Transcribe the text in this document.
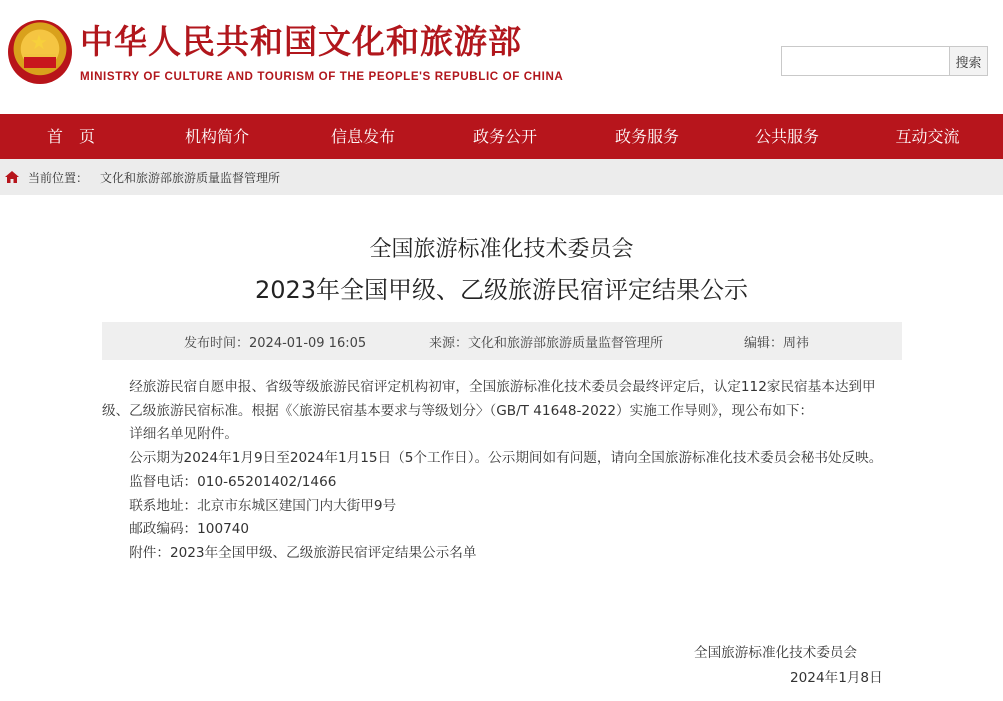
★ 中华人民共和国文化和旅游部
MINISTRY OF CULTURE AND TOURISM OF THE PEOPLE'S REPUBLIC OF CHINA
搜索
首　页	机构简介	信息发布	政务公开	政务服务	公共服务	互动交流
当前位置： 文化和旅游部旅游质量监督管理所
全国旅游标准化技术委员会
2023年全国甲级、乙级旅游民宿评定结果公示
发布时间：2024-01-09 16:05	来源：文化和旅游部旅游质量监督管理所	编辑：周祎

经旅游民宿自愿申报、省级等级旅游民宿评定机构初审，全国旅游标准化技术委员会最终评定后，认定112家民宿基本达到甲级、乙级旅游民宿标准。根据《〈旅游民宿基本要求与等级划分〉（GB/T 41648-2022）实施工作导则》，现公布如下：

详细名单见附件。

公示期为2024年1月9日至2024年1月15日（5个工作日）。公示期间如有问题，请向全国旅游标准化技术委员会秘书处反映。

监督电话：010-65201402/1466

联系地址：北京市东城区建国门内大街甲9号

邮政编码：100740

附件：2023年全国甲级、乙级旅游民宿评定结果公示名单

全国旅游标准化技术委员会
2024年1月8日
